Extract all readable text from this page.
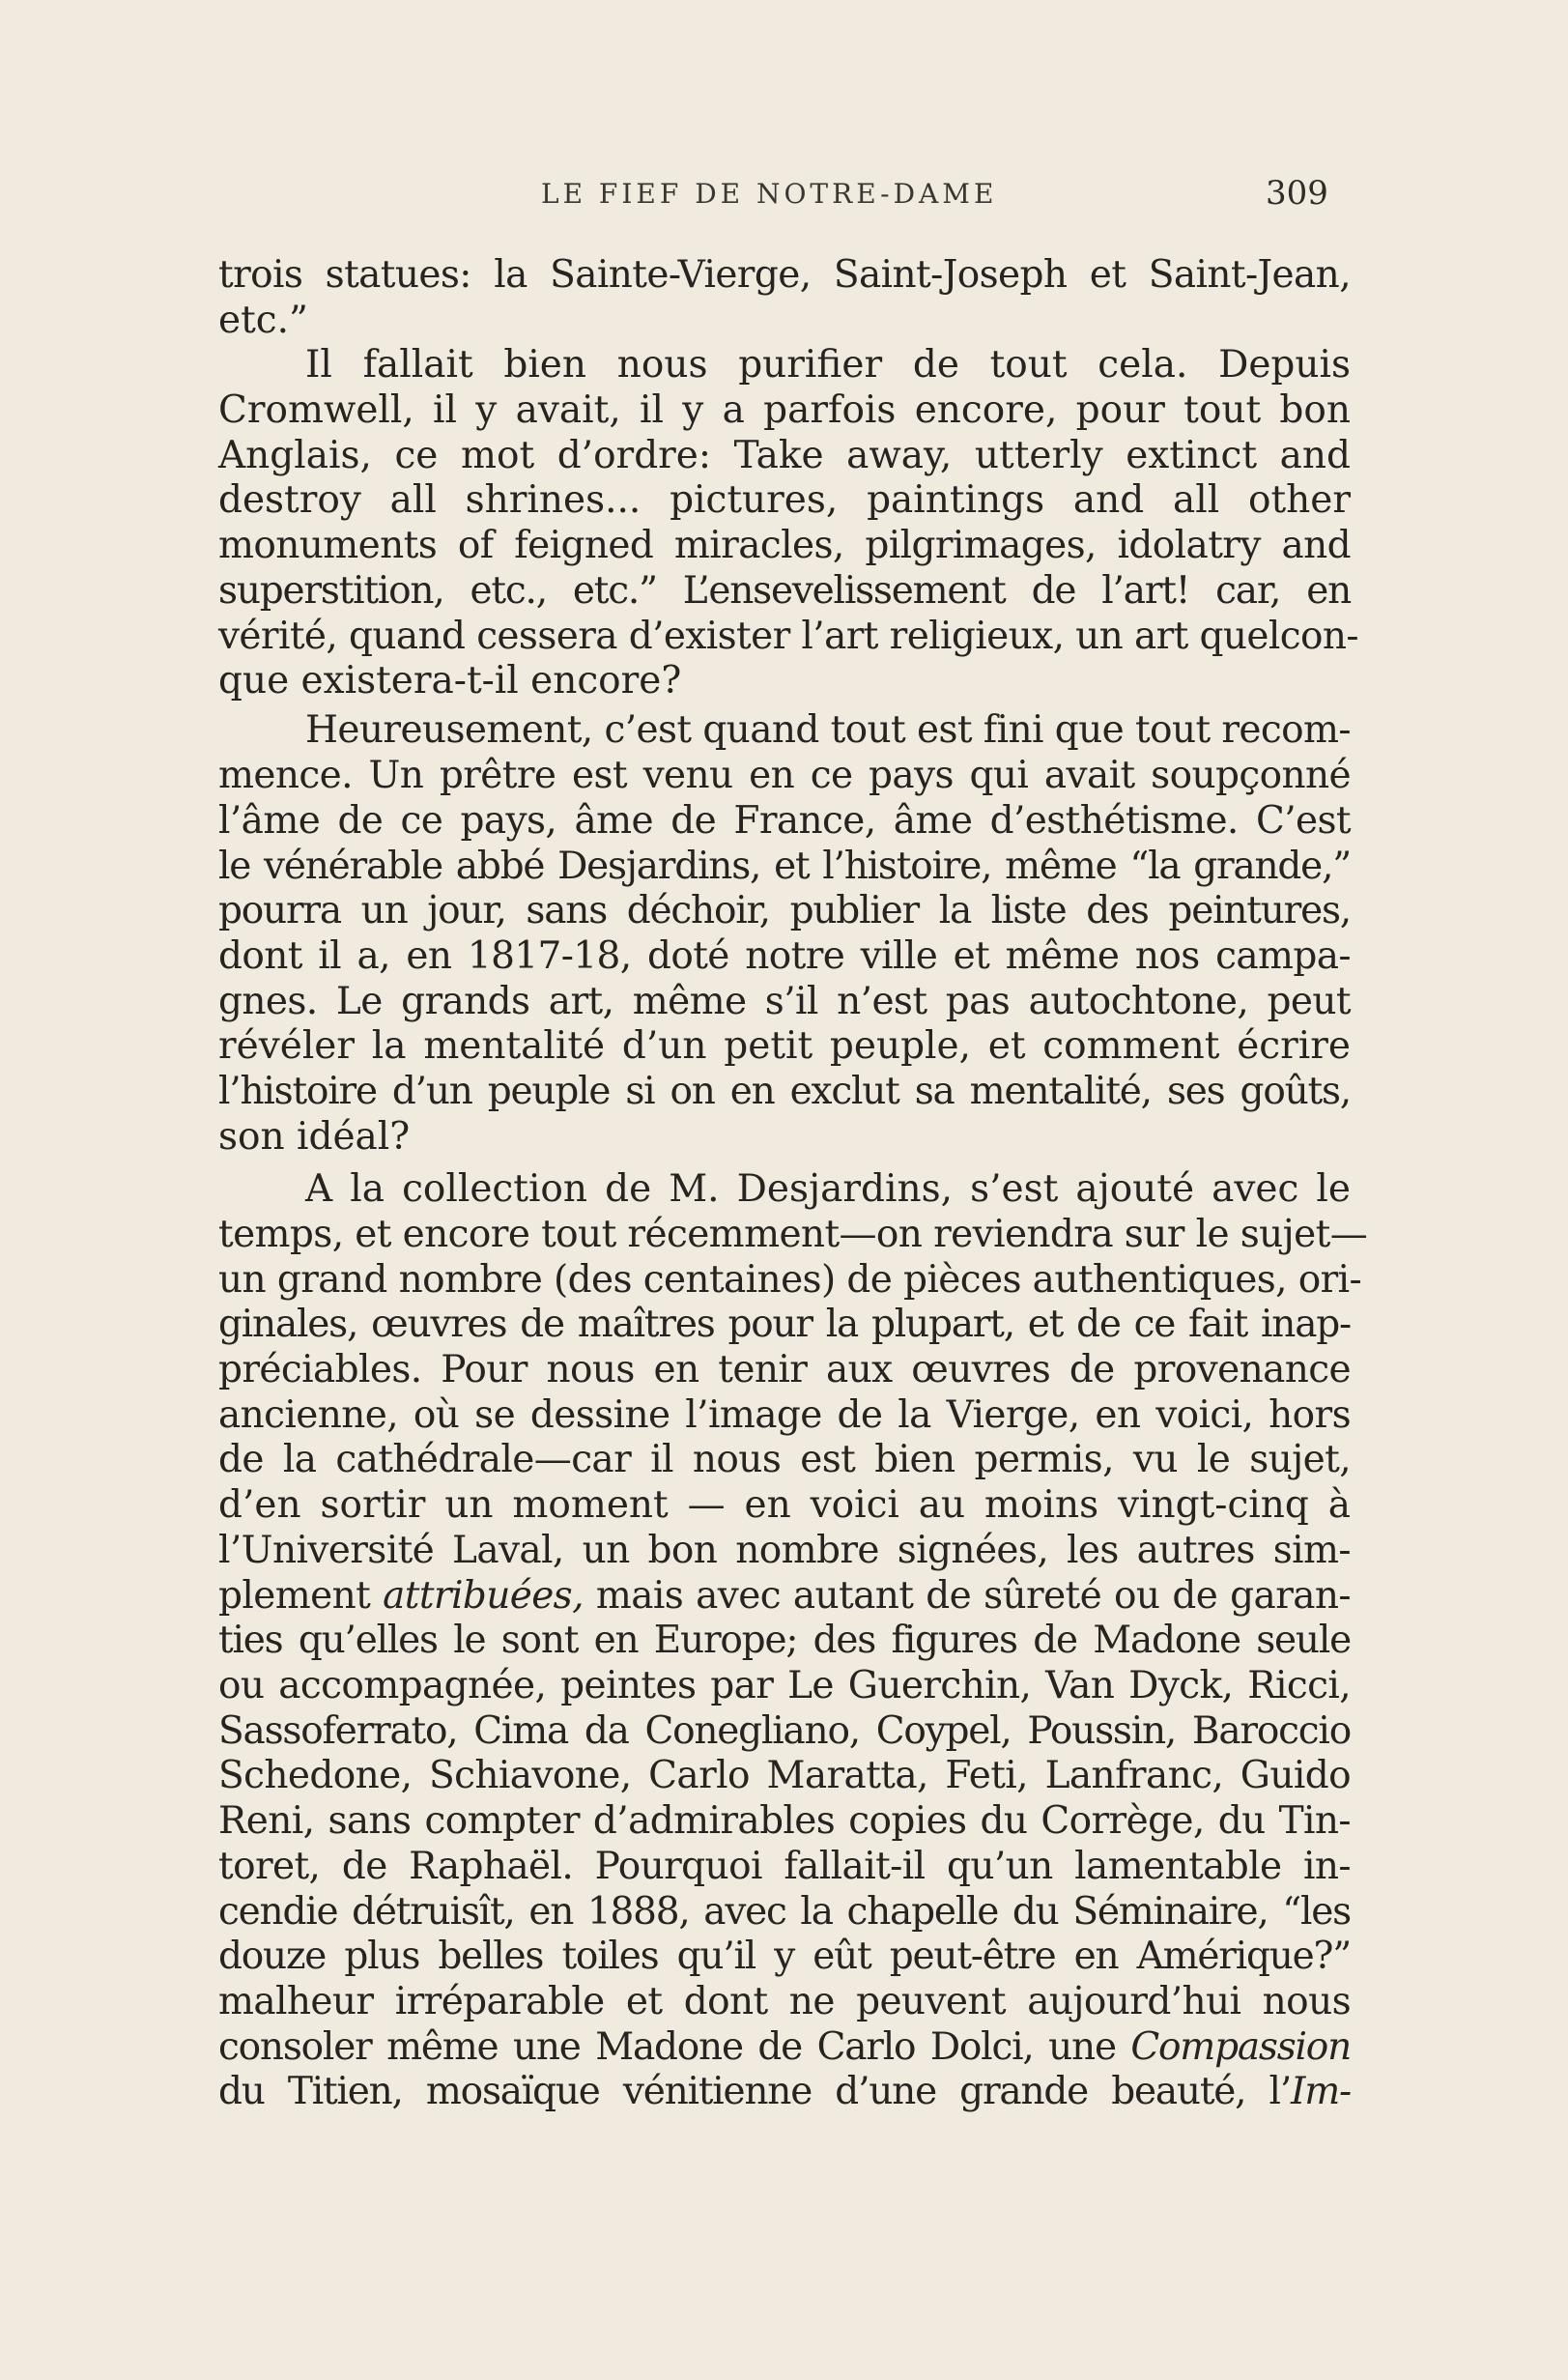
LE FIEF DE NOTRE-DAME	309
trois statues: la Sainte-Vierge, Saint-Joseph et Saint-Jean,
etc.”
Il fallait bien nous purifier de tout cela. Depuis
Cromwell, il y avait, il y a parfois encore, pour tout bon
Anglais, ce mot d’ordre: Take away, utterly extinct and
destroy all shrines... pictures, paintings and all other
monuments of feigned miracles, pilgrimages, idolatry and
superstition, etc., etc.” L’ensevelissement de l’art! car, en
vérité, quand cessera d’exister l’art religieux, un art quelcon-
que existera-t-il encore?
Heureusement, c’est quand tout est fini que tout recom-
mence. Un prêtre est venu en ce pays qui avait soupçonné
l’âme de ce pays, âme de France, âme d’esthétisme. C’est
le vénérable abbé Desjardins, et l’histoire, même “la grande,”
pourra un jour, sans déchoir, publier la liste des peintures,
dont il a, en 1817-18, doté notre ville et même nos campa-
gnes. Le grands art, même s’il n’est pas autochtone, peut
révéler la mentalité d’un petit peuple, et comment écrire
l’histoire d’un peuple si on en exclut sa mentalité, ses goûts,
son idéal?
A la collection de M. Desjardins, s’est ajouté avec le
temps, et encore tout récemment—on reviendra sur le sujet—
un grand nombre (des centaines) de pièces authentiques, ori-
ginales, œuvres de maîtres pour la plupart, et de ce fait inap-
préciables. Pour nous en tenir aux œuvres de provenance
ancienne, où se dessine l’image de la Vierge, en voici, hors
de la cathédrale—car il nous est bien permis, vu le sujet,
d’en sortir un moment — en voici au moins vingt-cinq à
l’Université Laval, un bon nombre signées, les autres sim-
plement attribuées, mais avec autant de sûreté ou de garan-
ties qu’elles le sont en Europe; des figures de Madone seule
ou accompagnée, peintes par Le Guerchin, Van Dyck, Ricci,
Sassoferrato, Cima da Conegliano, Coypel, Poussin, Baroccio
Schedone, Schiavone, Carlo Maratta, Feti, Lanfranc, Guido
Reni, sans compter d’admirables copies du Corrège, du Tin-
toret, de Raphaël. Pourquoi fallait-il qu’un lamentable in-
cendie détruisît, en 1888, avec la chapelle du Séminaire, “les
douze plus belles toiles qu’il y eût peut-être en Amérique?”
malheur irréparable et dont ne peuvent aujourd’hui nous
consoler même une Madone de Carlo Dolci, une Compassion
du Titien, mosaïque vénitienne d’une grande beauté, l’Im-
